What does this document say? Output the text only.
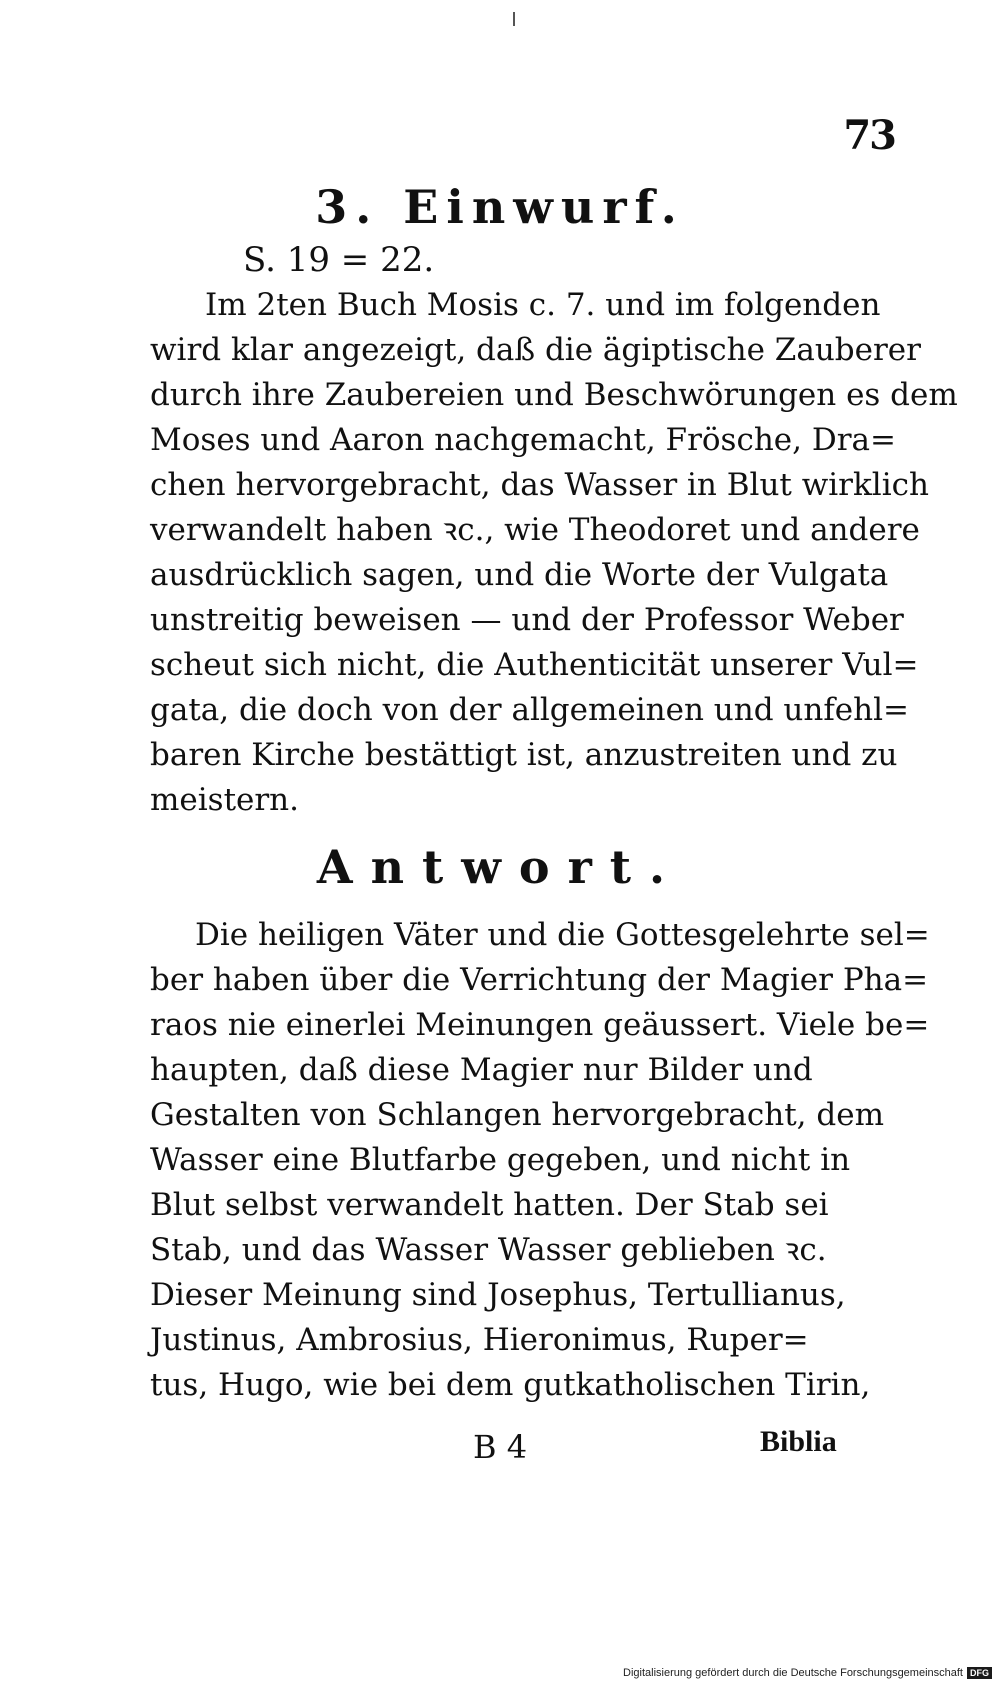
73
3. Einwurf.
S. 19 = 22.
Im 2ten Buch Mosis c. 7. und im folgenden
wird klar angezeigt, daß die ägiptische Zauberer
durch ihre Zaubereien und Beschwörungen es dem
Moses und Aaron nachgemacht, Frösche, Dra=
chen hervorgebracht, das Wasser in Blut wirklich
verwandelt haben ꝛc., wie Theodoret und andere
ausdrücklich sagen, und die Worte der Vulgata
unstreitig beweisen — und der Professor Weber
scheut sich nicht, die Authenticität unserer Vul=
gata, die doch von der allgemeinen und unfehl=
baren Kirche bestättigt ist, anzustreiten und zu
meistern.
Antwort.
Die heiligen Väter und die Gottesgelehrte sel=
ber haben über die Verrichtung der Magier Pha=
raos nie einerlei Meinungen geäussert. Viele be=
haupten, daß diese Magier nur Bilder und
Gestalten von Schlangen hervorgebracht, dem
Wasser eine Blutfarbe gegeben, und nicht in
Blut selbst verwandelt hatten. Der Stab sei
Stab, und das Wasser Wasser geblieben ꝛc.
Dieser Meinung sind Josephus, Tertullianus,
Justinus, Ambrosius, Hieronimus, Ruper=
tus, Hugo, wie bei dem gutkatholischen Tirin,
B 4	Biblia
Digitalisierung gefördert durch die Deutsche Forschungsgemeinschaft DFG
